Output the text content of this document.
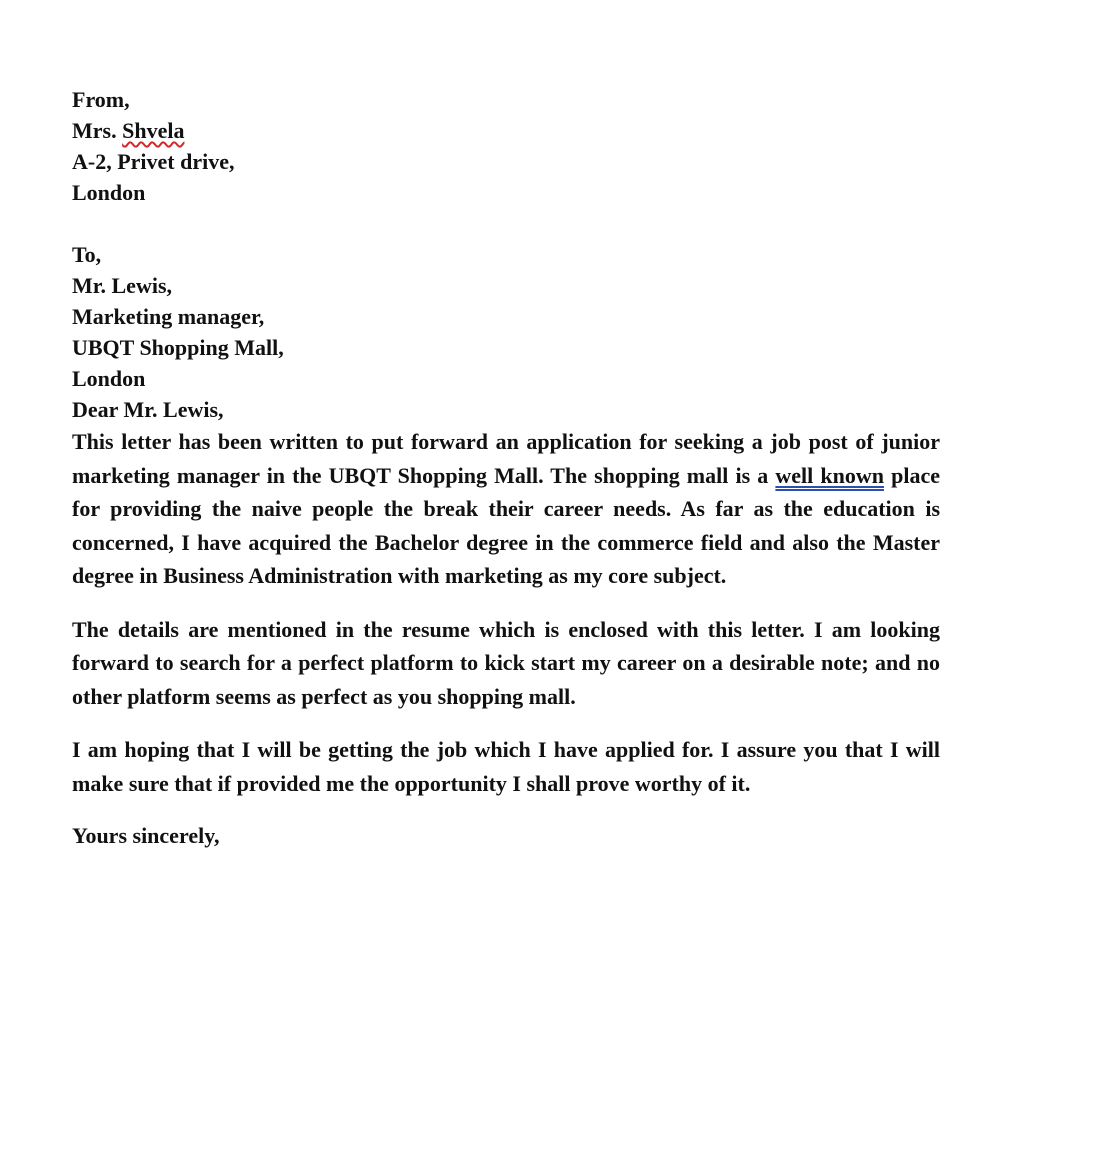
From,

Mrs. Shvela

A-2, Privet drive,

London

To,

Mr. Lewis,

Marketing manager,

UBQT Shopping Mall,

London

Dear Mr. Lewis,

This letter has been written to put forward an application for seeking a job post of junior marketing manager in the UBQT Shopping Mall. The shopping mall is a well known place for providing the naive people the break their career needs. As far as the education is concerned, I have acquired the Bachelor degree in the commerce field and also the Master degree in Business Administration with marketing as my core subject.

The details are mentioned in the resume which is enclosed with this letter. I am looking forward to search for a perfect platform to kick start my career on a desirable note; and no other platform seems as perfect as you shopping mall.

I am hoping that I will be getting the job which I have applied for. I assure you that I will make sure that if provided me the opportunity I shall prove worthy of it.

Yours sincerely,
